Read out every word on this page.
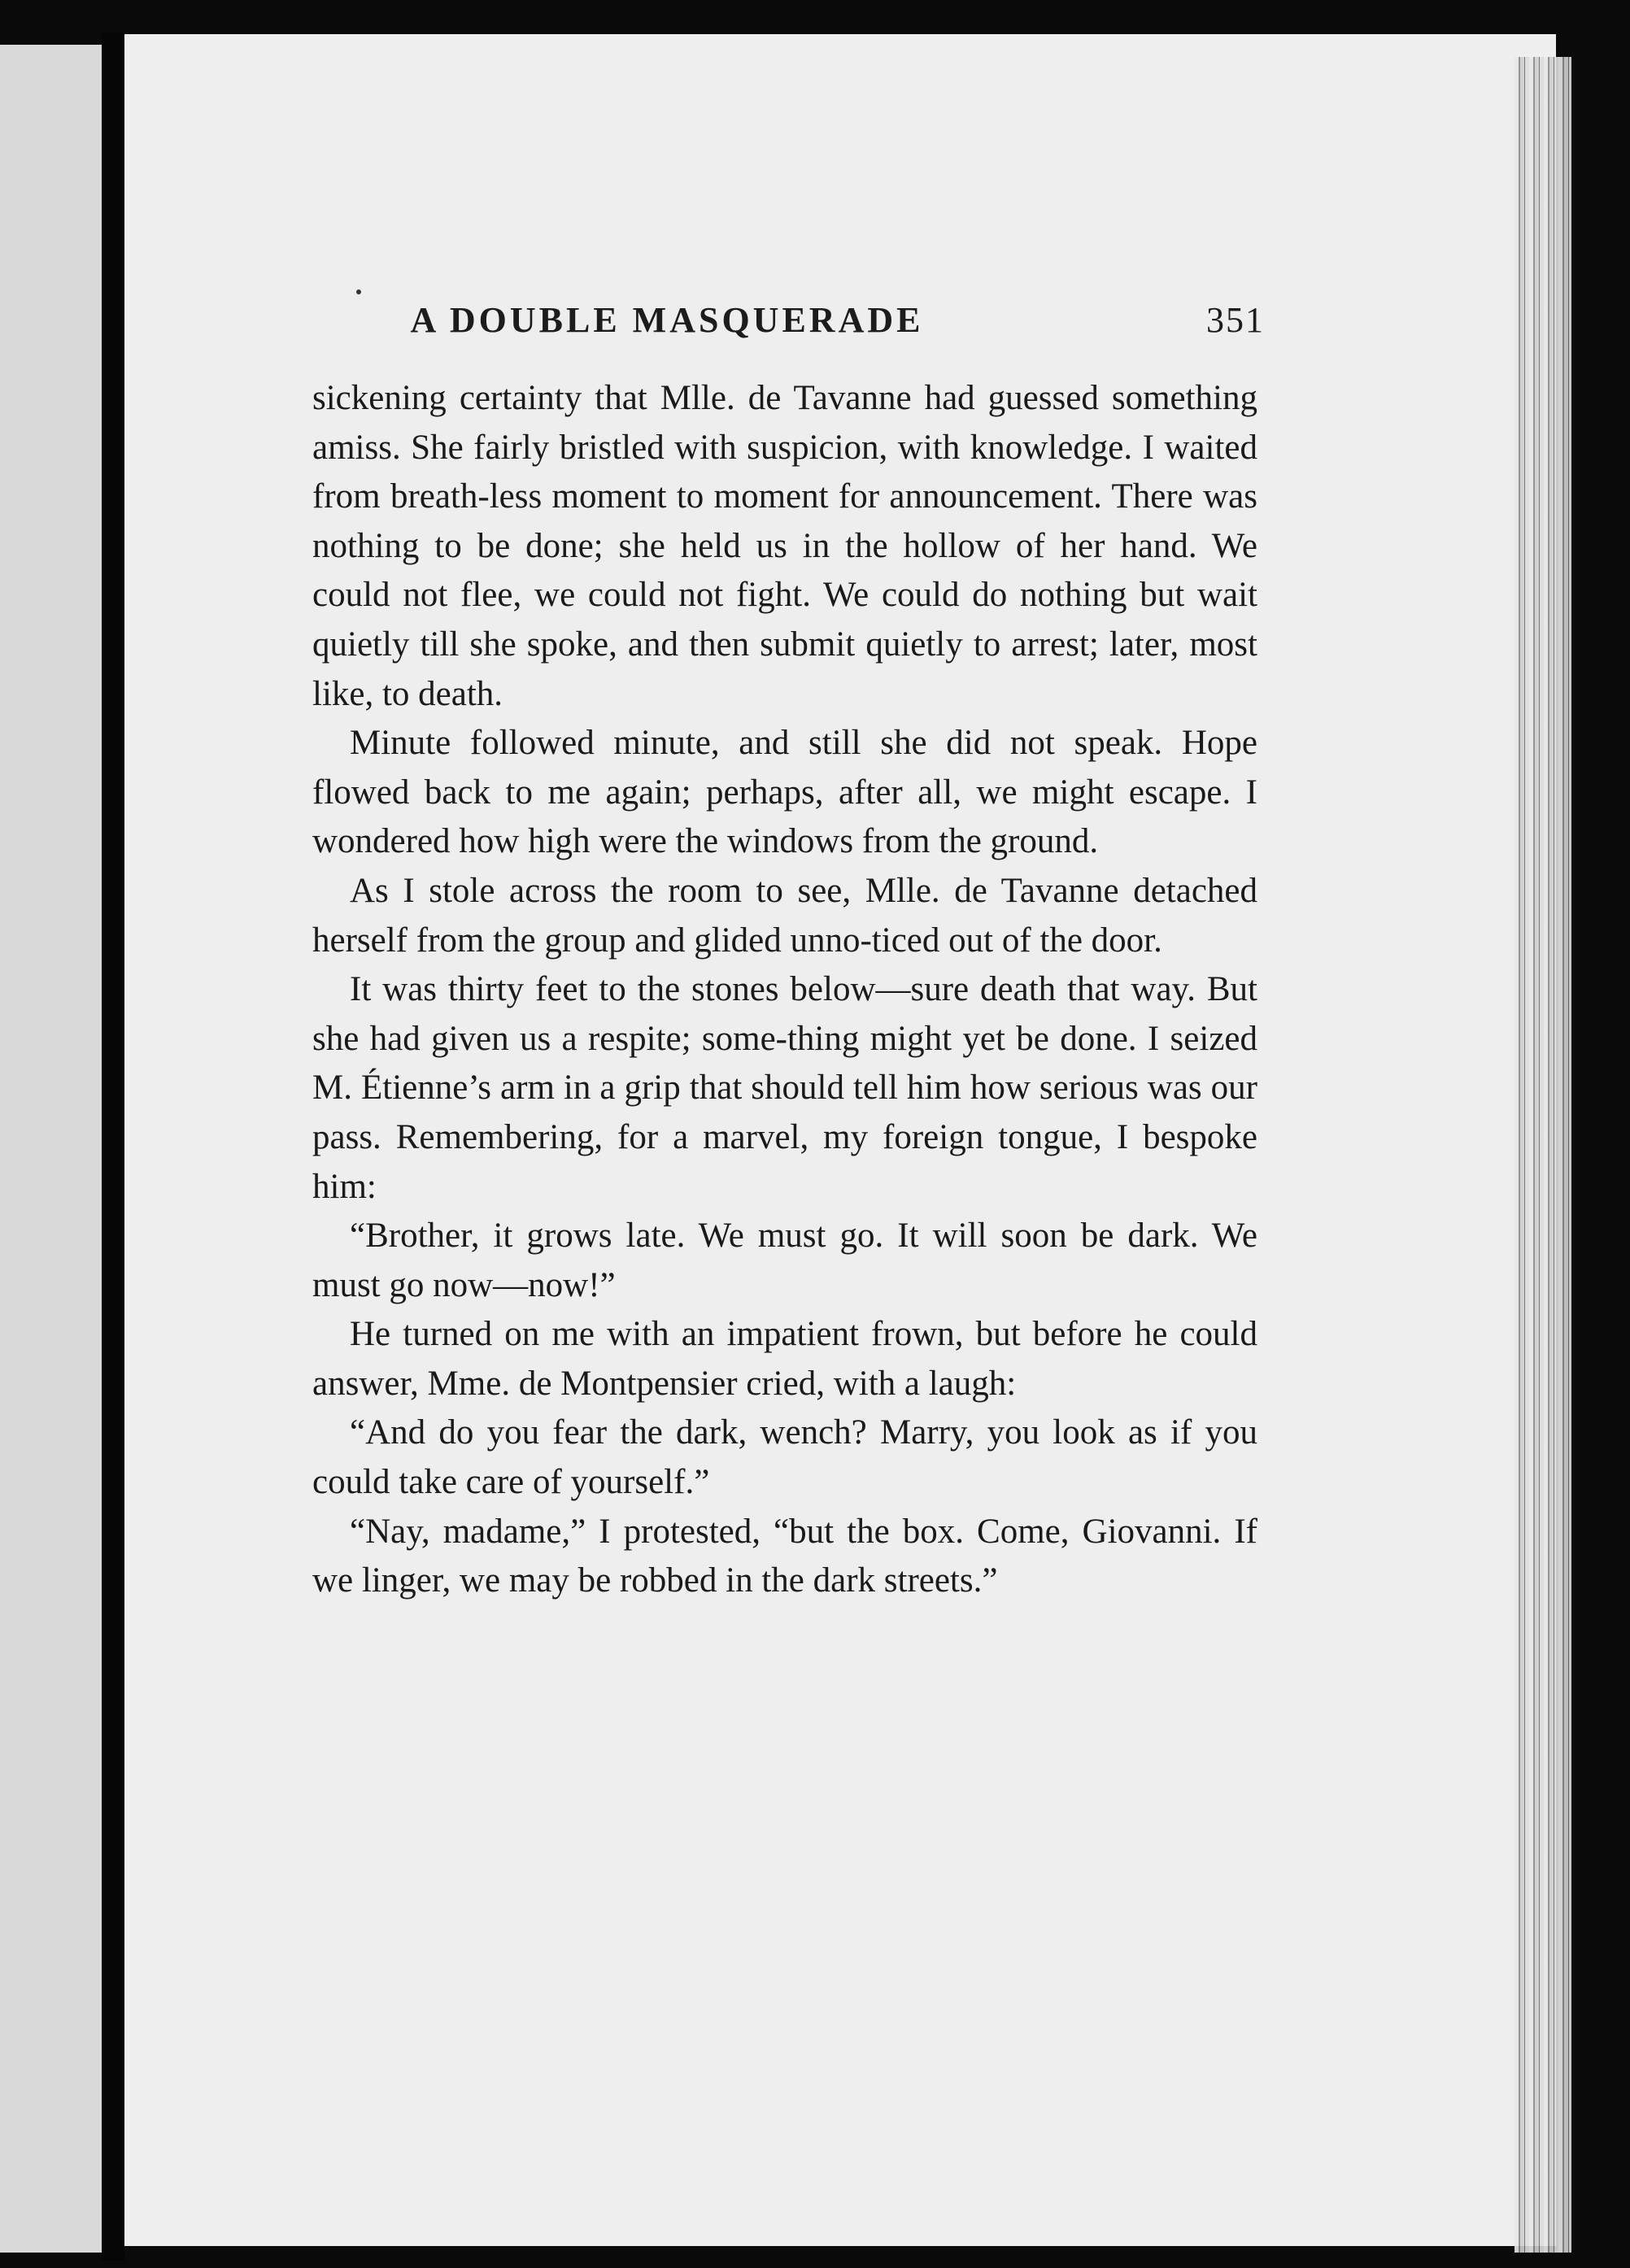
A DOUBLE MASQUERADE	351

sickening certainty that Mlle. de Tavanne had guessed something amiss. She fairly bristled with suspicion, with knowledge. I waited from breath-less moment to moment for announcement. There was nothing to be done; she held us in the hollow of her hand. We could not flee, we could not fight. We could do nothing but wait quietly till she spoke, and then submit quietly to arrest; later, most like, to death.

Minute followed minute, and still she did not speak. Hope flowed back to me again; perhaps, after all, we might escape. I wondered how high were the windows from the ground.

As I stole across the room to see, Mlle. de Tavanne detached herself from the group and glided unno-ticed out of the door.

It was thirty feet to the stones below—sure death that way. But she had given us a respite; some-thing might yet be done. I seized M. Étienne’s arm in a grip that should tell him how serious was our pass. Remembering, for a marvel, my foreign tongue, I bespoke him:

“Brother, it grows late. We must go. It will soon be dark. We must go now—now!”

He turned on me with an impatient frown, but before he could answer, Mme. de Montpensier cried, with a laugh:

“And do you fear the dark, wench? Marry, you look as if you could take care of yourself.”

“Nay, madame,” I protested, “but the box. Come, Giovanni. If we linger, we may be robbed in the dark streets.”
